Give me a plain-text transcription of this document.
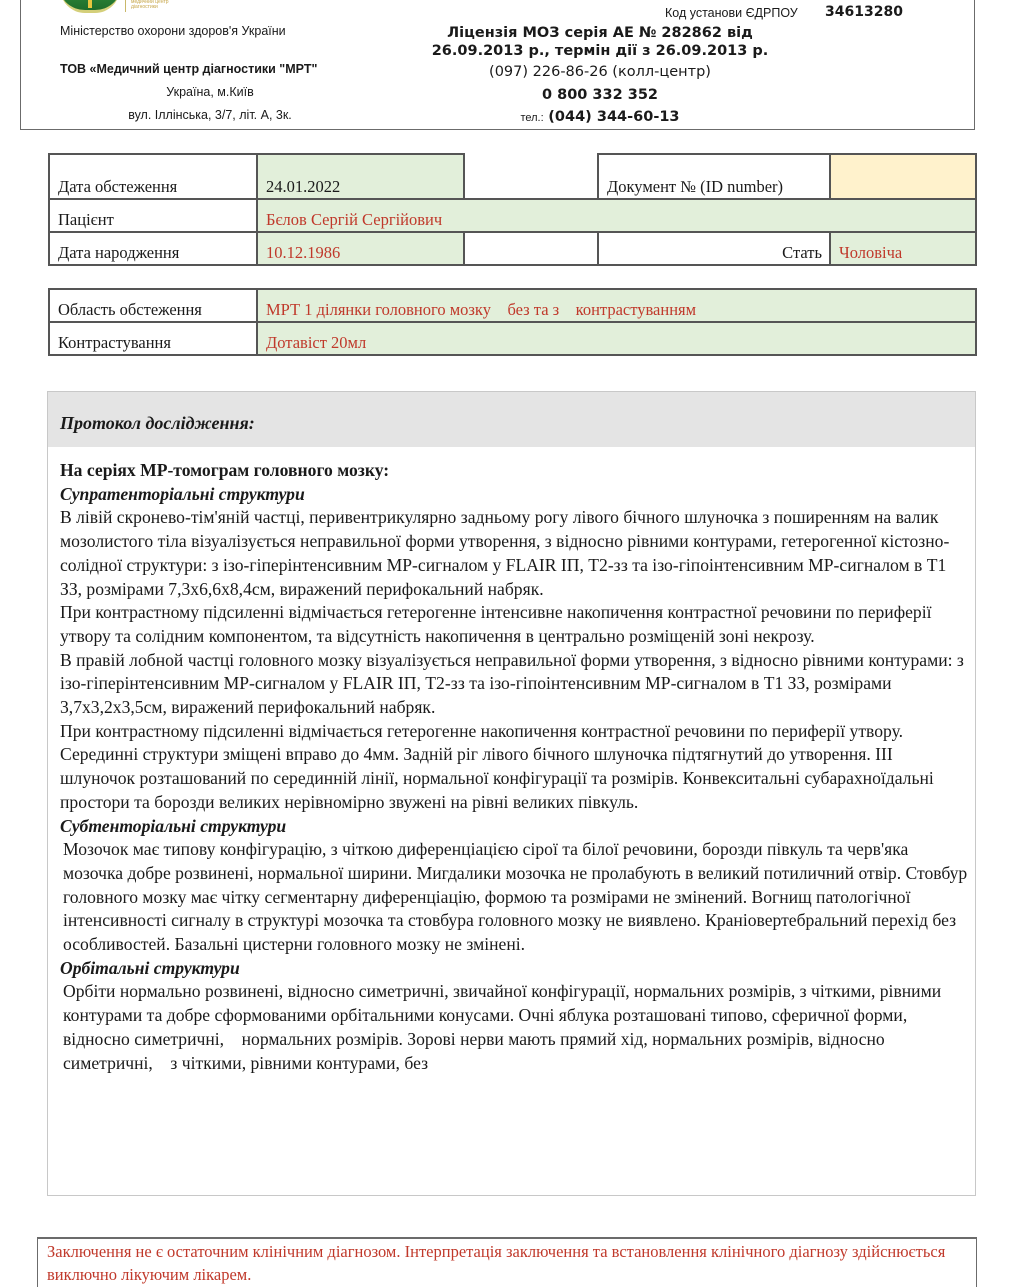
медичний центр
діагностики
Міністерство охорони здоров'я України
ТОВ «Медичний центр діагностики "МРТ"
Україна, м.Київ
вул. Іллінська, 3/7, літ. А, 3к.
Код установи ЄДРПОУ 34613280
Ліцензія МОЗ серія АЕ № 282862 від
26.09.2013 р., термін дії з 26.09.2013 р.
(097) 226-86-26 (колл-центр)
0 800 332 352
тел.: (044) 344-60-13
Дата обстеження	24.01.2022	Документ № (ID number)
Пацієнт	Бєлов Сергій Сергійович
Дата народження	10.12.1986	Стать Чоловіча
Область обстеження	МРТ 1 ділянки головного мозку    без та з    контрастуванням
Контрастування	Дотавіст 20мл
Протокол дослідження:

На серіях МР-томограм головного мозку:

Супратенторіальні структури

В лівій скронево-тім'яній частці, перивентрикулярно задньому рогу лівого бічного шлуночка з поширенням на валик мозолистого тіла візуалізується неправильної форми утворення, з відносно рівними контурами, гетерогенної кістозно-солідної структури: з ізо-гіперінтенсивним МР-сигналом у FLAIR ІП, Т2-зз та ізо-гіпоінтенсивним МР-сигналом в Т1 ЗЗ, розмірами 7,3х6,6х8,4см, виражений перифокальний набряк.

При контрастному підсиленні відмічається гетерогенне інтенсивне накопичення контрастної речовини по периферії утвору та солідним компонентом, та відсутність накопичення в центрально розміщеній зоні некрозу.

В правій лобной частці головного мозку візуалізується неправильної форми утворення, з відносно рівними контурами: з ізо-гіперінтенсивним МР-сигналом у FLAIR ІП, Т2-зз та ізо-гіпоінтенсивним МР-сигналом в Т1 ЗЗ, розмірами 3,7х3,2х3,5см, виражений перифокальний набряк.

При контрастному підсиленні відмічається гетерогенне накопичення контрастної речовини по периферії утвору.

Серединні структури зміщені вправо до 4мм. Задній ріг лівого бічного шлуночка підтягнутий до утворення. ІІІ шлуночок розташований по серединній лінії, нормальної конфігурації та розмірів. Конвекситальні субарахноїдальні простори та борозди великих нерівномірно звужені на рівні великих півкуль.

Субтенторіальні структури

Мозочок має типову конфігурацію, з чіткою диференціацією сірої та білої речовини, борозди півкуль та черв'яка мозочка добре розвинені, нормальної ширини. Мигдалики мозочка не пролабують в великий потиличний отвір. Стовбур головного мозку має чітку сегментарну диференціацію, формою та розмірами не змінений. Вогнищ патологічної інтенсивності сигналу в структурі мозочка та стовбура головного мозку не виявлено. Краніовертебральний перехід без особливостей. Базальні цистерни головного мозку не змінені.

Орбітальні структури

Орбіти нормально розвинені, відносно симетричні, звичайної конфігурації, нормальних розмірів, з чіткими, рівними контурами та добре сформованими орбітальними конусами. Очні яблука розташовані типово, сферичної форми, відносно симетричні,    нормальних розмірів. Зорові нерви мають прямий хід, нормальних розмірів, відносно симетричні,    з чіткими, рівними контурами, без

Заключення не є остаточним клінічним діагнозом. Інтерпретація заключення та встановлення клінічного діагнозу здійснюється виключно лікуючим лікарем.
